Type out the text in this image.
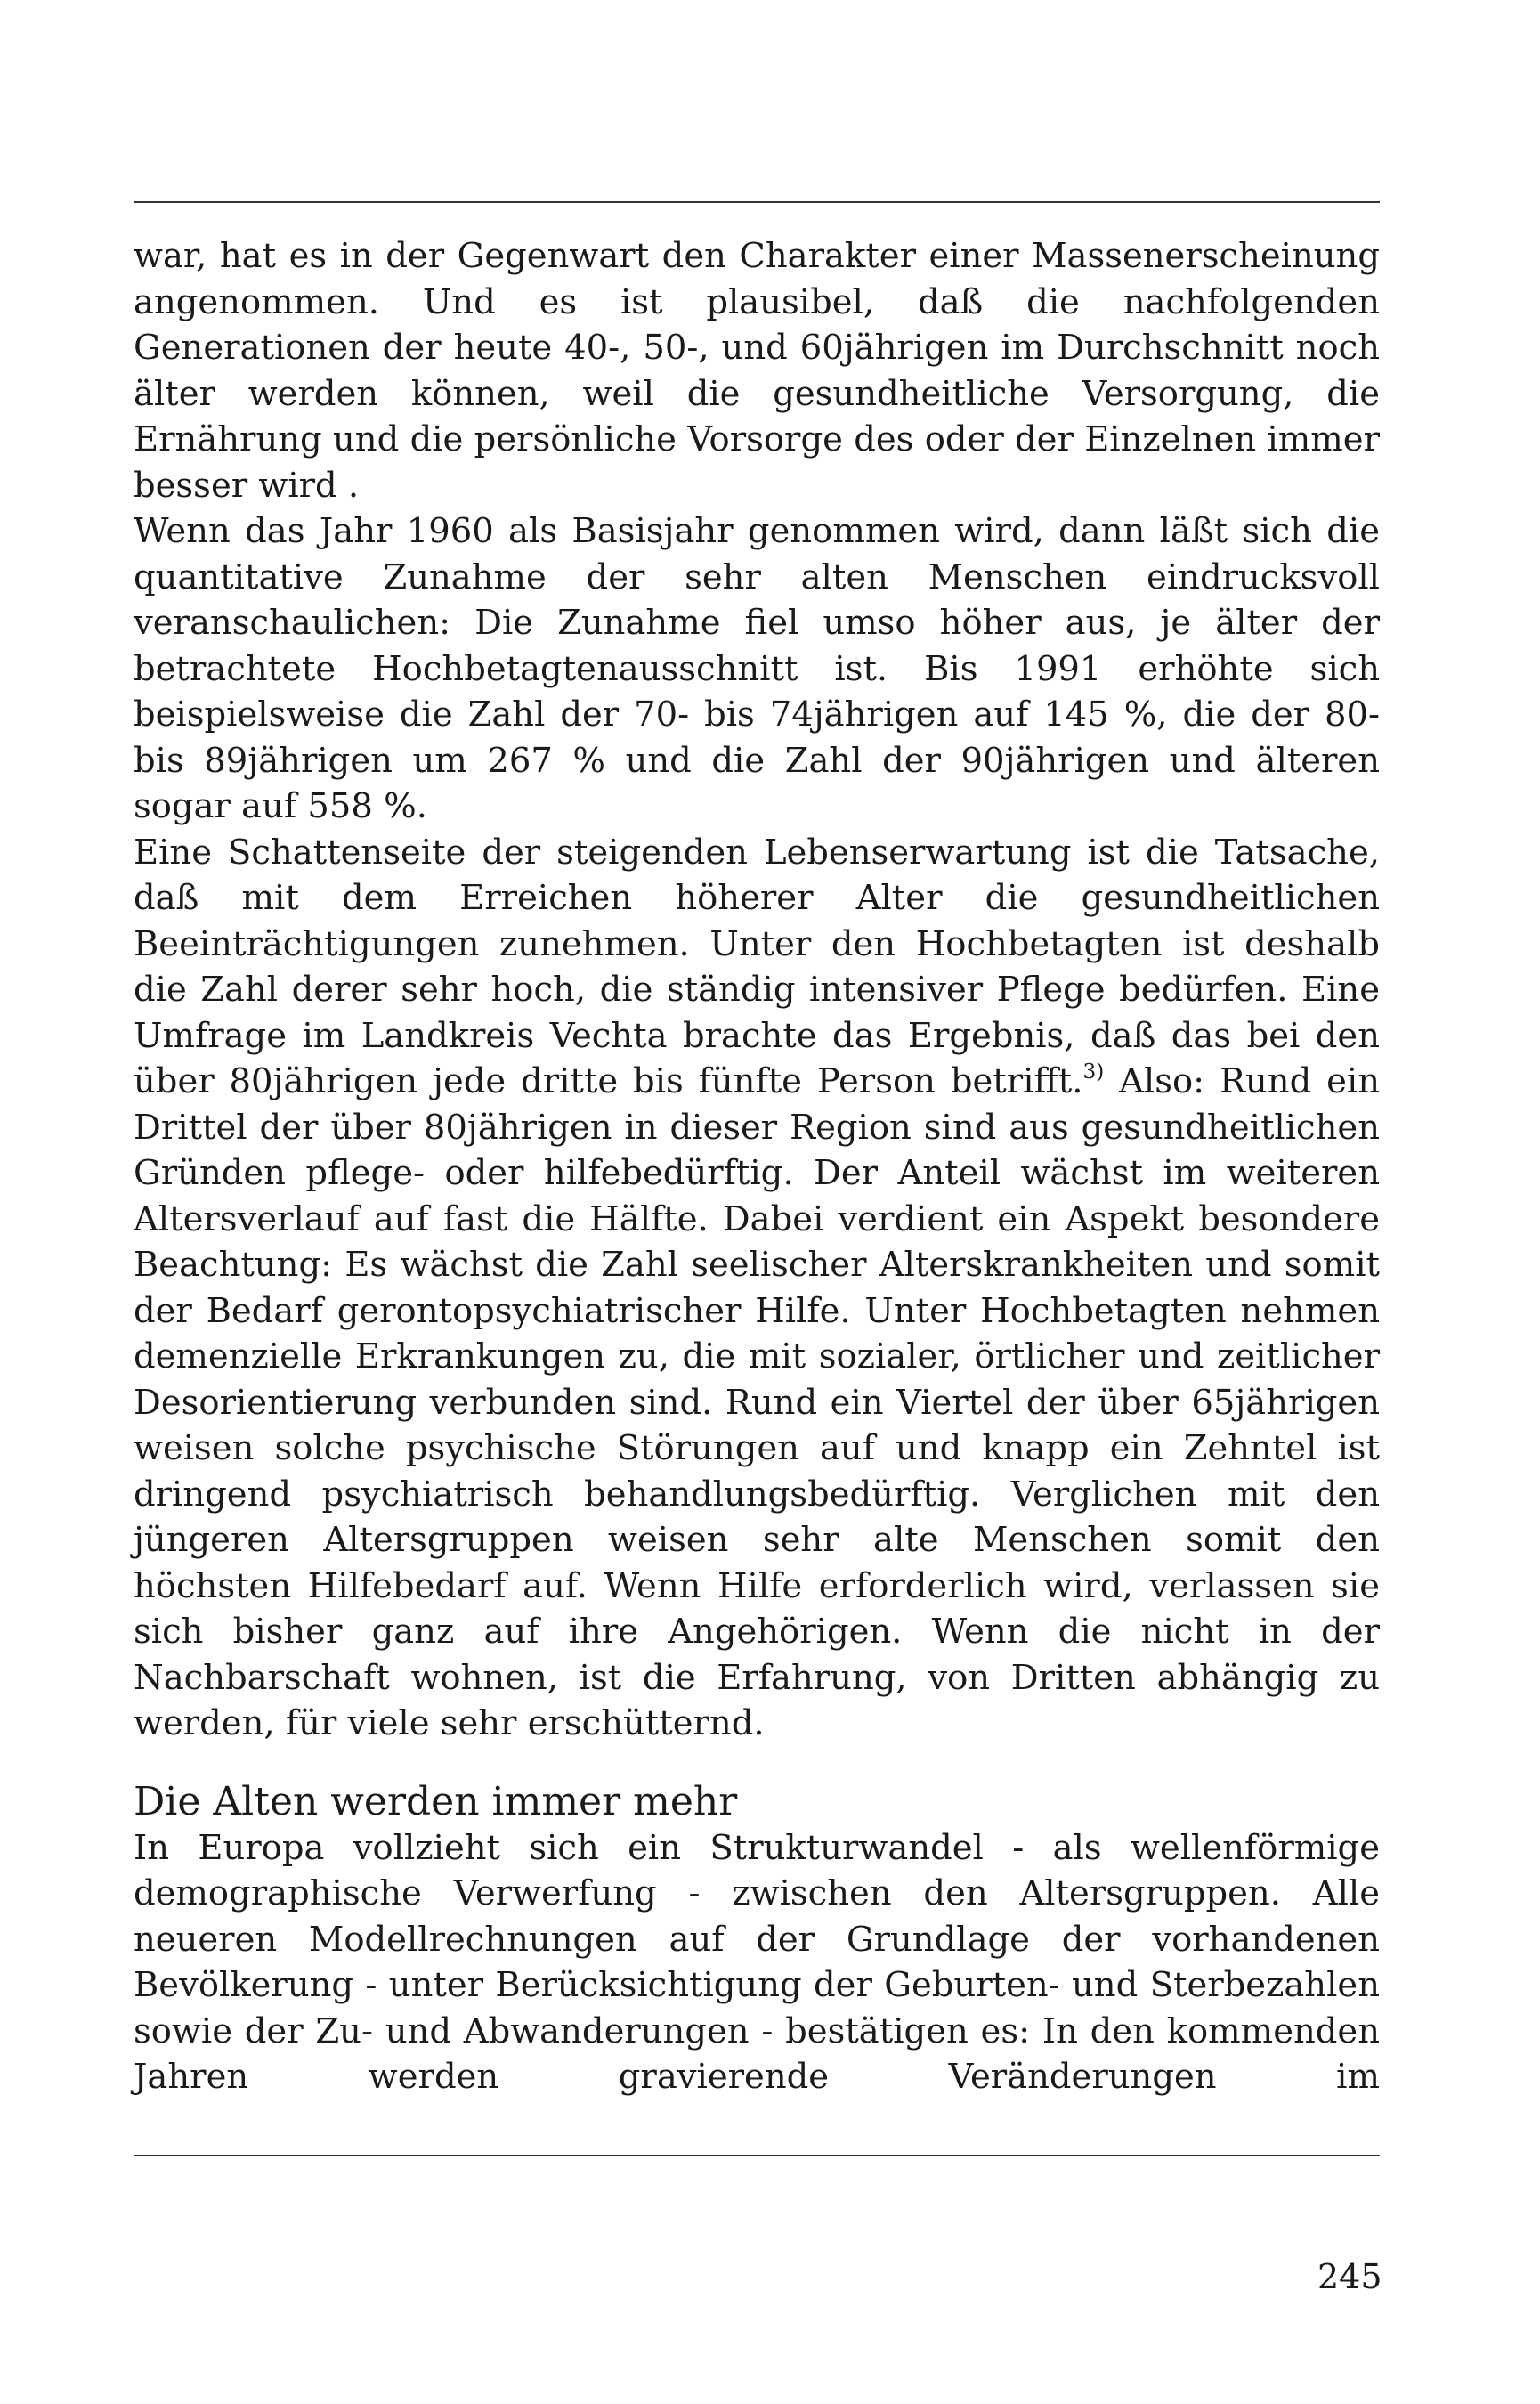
war, hat es in der Gegenwart den Charakter einer Massenerscheinung angenommen. Und es ist plausibel, daß die nachfolgenden Generationen der heute 40-, 50-, und 60jährigen im Durchschnitt noch älter werden können, weil die gesundheitliche Versorgung, die Ernährung und die persönliche Vorsorge des oder der Einzelnen immer besser wird .

Wenn das Jahr 1960 als Basisjahr genommen wird, dann läßt sich die quantitative Zunahme der sehr alten Menschen eindrucksvoll veranschaulichen: Die Zunahme fiel umso höher aus, je älter der betrachtete Hochbetagtenausschnitt ist. Bis 1991 erhöhte sich beispielsweise die Zahl der 70- bis 74jährigen auf 145 %, die der 80- bis 89jährigen um 267 % und die Zahl der 90jährigen und älteren sogar auf 558 %.

Eine Schattenseite der steigenden Lebenserwartung ist die Tatsache, daß mit dem Erreichen höherer Alter die gesundheitlichen Beeinträchtigungen zunehmen. Unter den Hochbetagten ist deshalb die Zahl derer sehr hoch, die ständig intensiver Pflege bedürfen. Eine Umfrage im Landkreis Vechta brachte das Ergebnis, daß das bei den über 80jährigen jede dritte bis fünfte Person betrifft.$^{3)}$ Also: Rund ein Drittel der über 80jährigen in dieser Region sind aus gesundheitlichen Gründen pflege- oder hilfebedürftig. Der Anteil wächst im weiteren Altersverlauf auf fast die Hälfte. Dabei verdient ein Aspekt besondere Beachtung: Es wächst die Zahl seelischer Alterskrankheiten und somit der Bedarf gerontopsychiatrischer Hilfe. Unter Hochbetagten nehmen demenzielle Erkrankungen zu, die mit sozialer, örtlicher und zeitlicher Desorientierung verbunden sind. Rund ein Viertel der über 65jährigen weisen solche psychische Störungen auf und knapp ein Zehntel ist dringend psychiatrisch behandlungsbedürftig. Verglichen mit den jüngeren Altersgruppen weisen sehr alte Menschen somit den höchsten Hilfebedarf auf. Wenn Hilfe erforderlich wird, verlassen sie sich bisher ganz auf ihre Angehörigen. Wenn die nicht in der Nachbarschaft wohnen, ist die Erfahrung, von Dritten abhängig zu werden, für viele sehr erschütternd.

Die Alten werden immer mehr

In Europa vollzieht sich ein Strukturwandel - als wellenförmige demographische Verwerfung - zwischen den Altersgruppen. Alle neueren Modellrechnungen auf der Grundlage der vorhandenen Bevölkerung - unter Berücksichtigung der Geburten- und Sterbezahlen sowie der Zu- und Abwanderungen - bestätigen es: In den kommenden Jahren werden gravierende Veränderungen im

245
